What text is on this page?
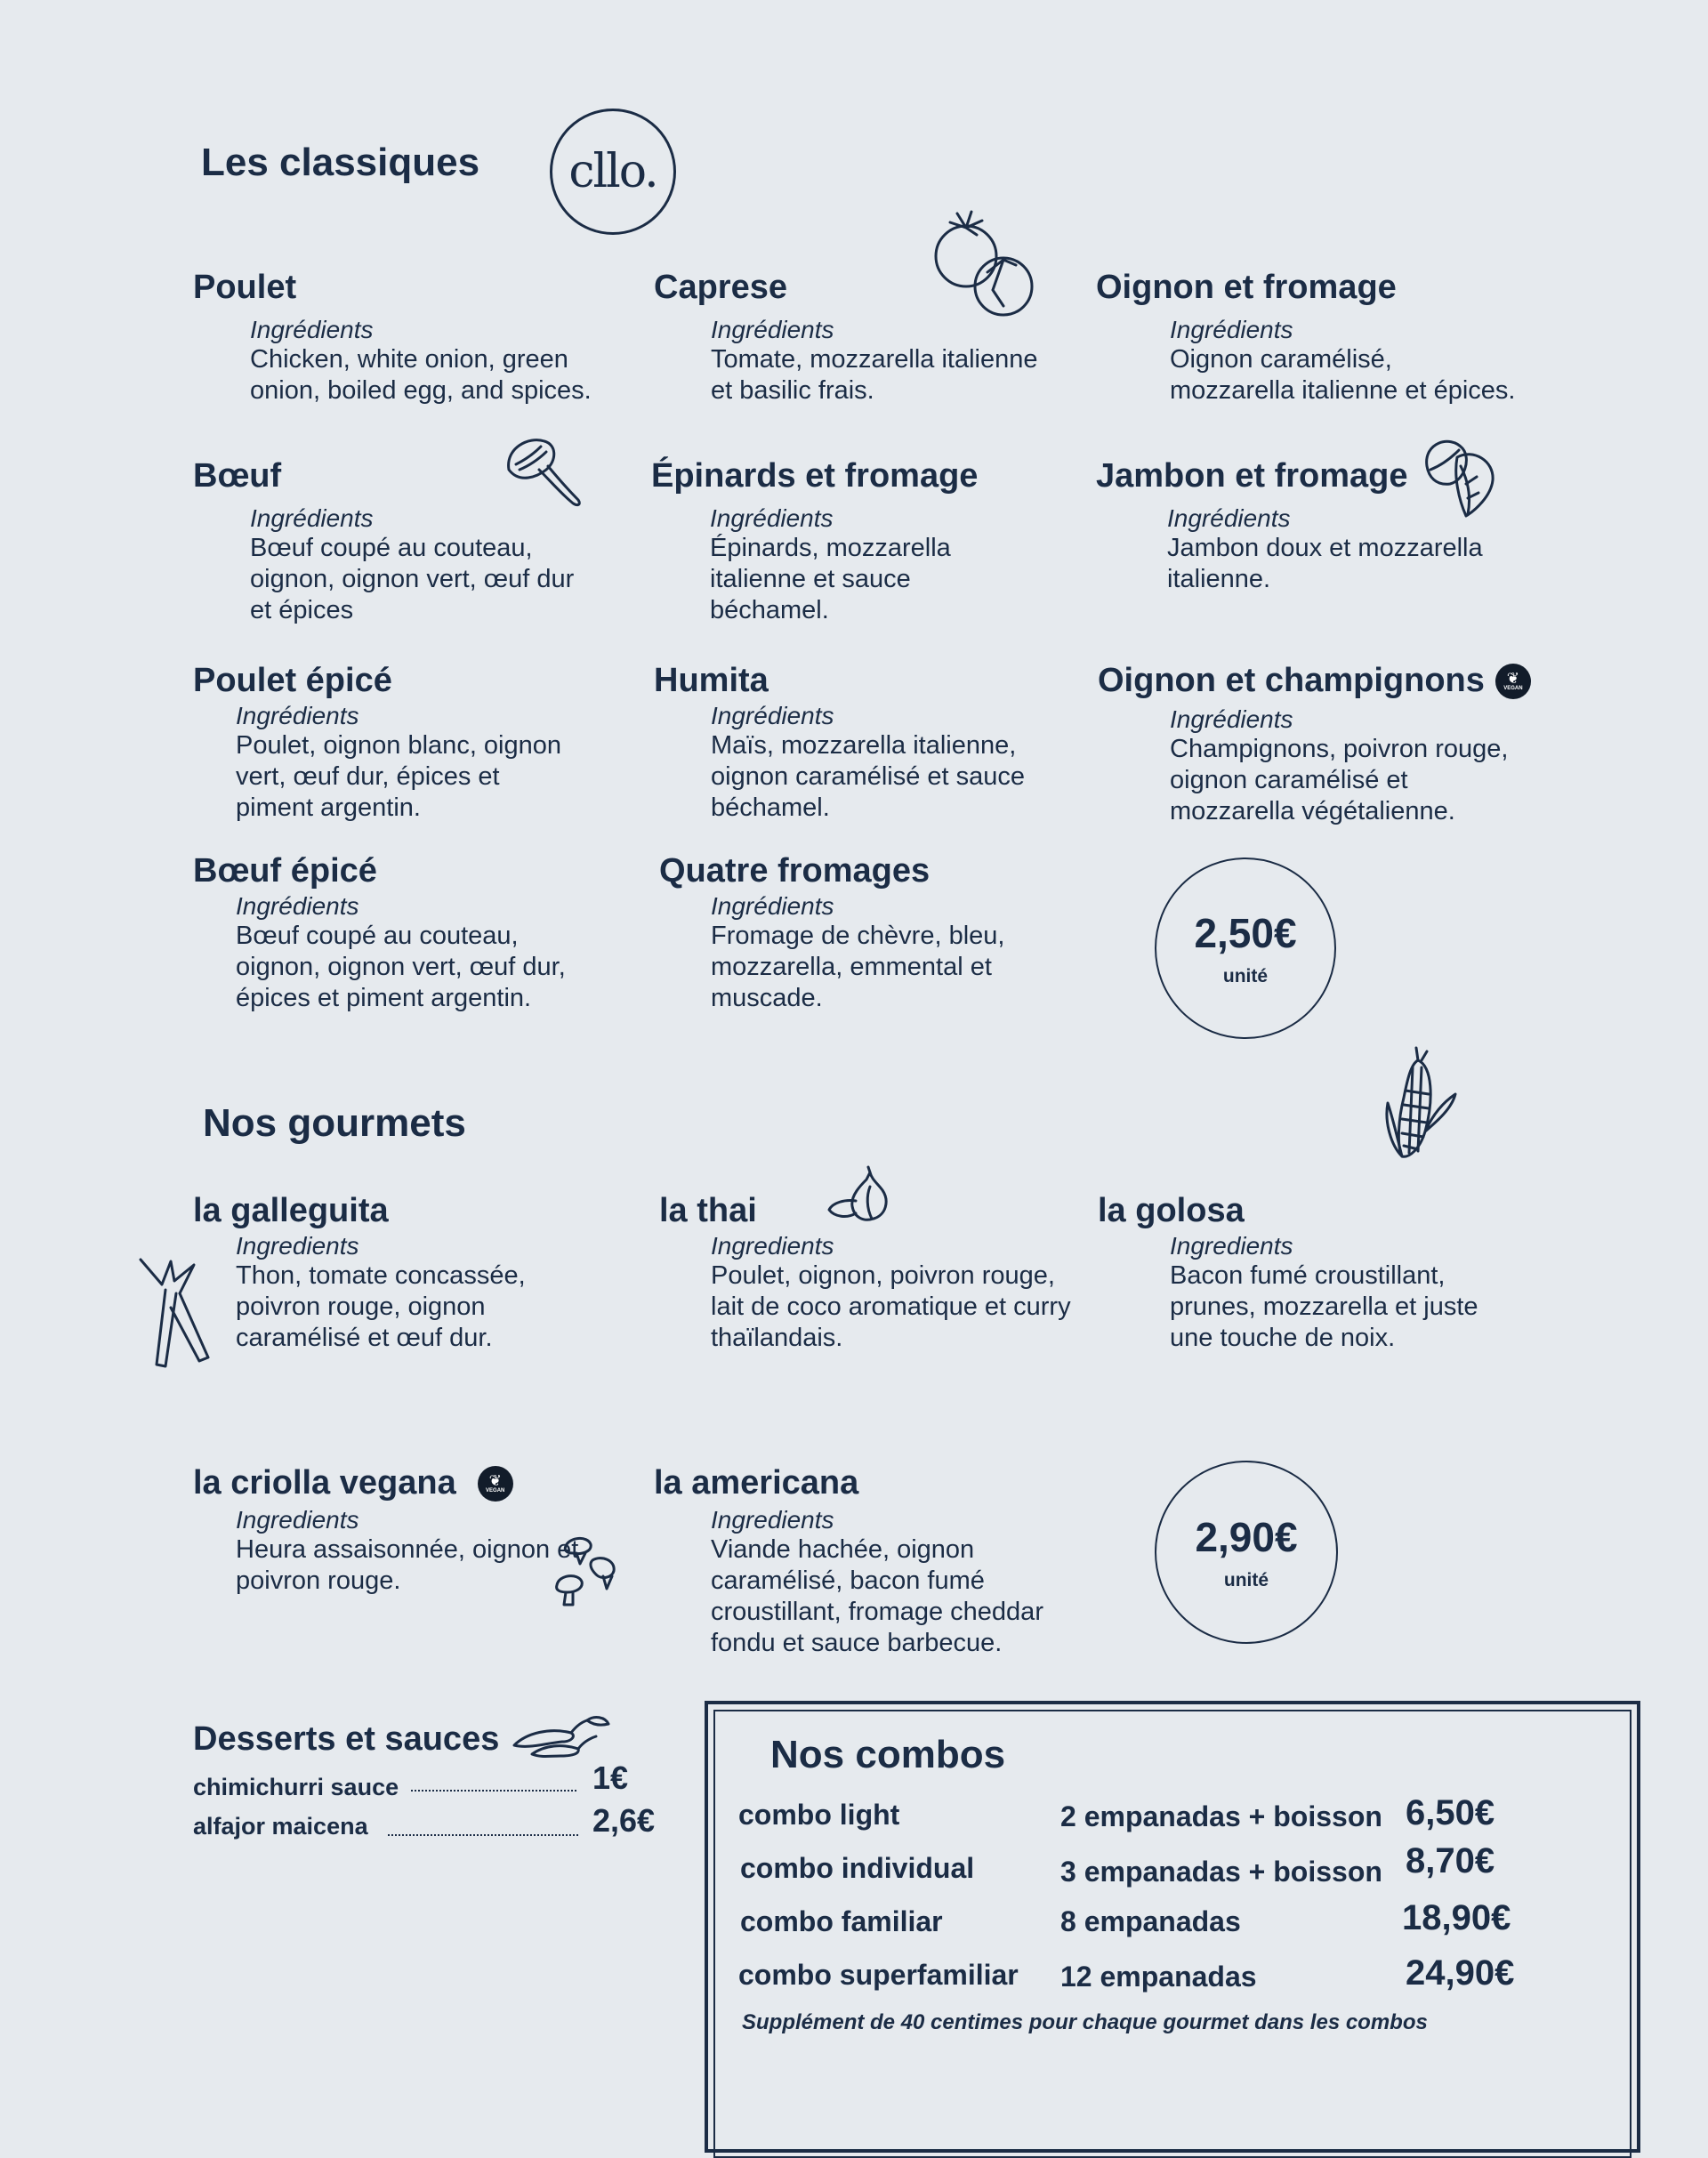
Les classiques cllo.
Poulet
Ingrédients
Chicken, white onion, green
onion, boiled egg, and spices.
Caprese
Ingrédients
Tomate, mozzarella italienne
et basilic frais.
Oignon et fromage
Ingrédients
Oignon caramélisé,
mozzarella italienne et épices.
Bœuf
Ingrédients
Bœuf coupé au couteau,
oignon, oignon vert, œuf dur
et épices
Épinards et fromage
Ingrédients
Épinards, mozzarella
italienne et sauce
béchamel.
Jambon et fromage
Ingrédients
Jambon doux et mozzarella
italienne.
Poulet épicé
Ingrédients
Poulet, oignon blanc, oignon
vert, œuf dur, épices et
piment argentin.
Humita
Ingrédients
Maïs, mozzarella italienne,
oignon caramélisé et sauce
béchamel.
Oignon et champignons ❦
VEGAN
Ingrédients
Champignons, poivron rouge,
oignon caramélisé et
mozzarella végétalienne.
Bœuf épicé
Ingrédients
Bœuf coupé au couteau,
oignon, oignon vert, œuf dur,
épices et piment argentin.
Quatre fromages
Ingrédients
Fromage de chèvre, bleu,
mozzarella, emmental et
muscade.
2,50€
unité
Nos gourmets
la galleguita
Ingredients
Thon, tomate concassée,
poivron rouge, oignon
caramélisé et œuf dur.
la thai
Ingredients
Poulet, oignon, poivron rouge,
lait de coco aromatique et curry
thaïlandais.
la golosa
Ingredients
Bacon fumé croustillant,
prunes, mozzarella et juste
une touche de noix.
la criolla vegana ❦
VEGAN
Ingredients
Heura assaisonnée, oignon et
poivron rouge.
la americana
Ingredients
Viande hachée, oignon
caramélisé, bacon fumé
croustillant, fromage cheddar
fondu et sauce barbecue.
2,90€
unité
Desserts et sauces
chimichurri sauce	1€
alfajor maicena	2,6€
Nos combos
combo light	2 empanadas + boisson 6,50€
combo individual	3 empanadas + boisson 8,70€
combo familiar	8 empanadas	18,90€
combo superfamiliar 12 empanadas	24,90€
Supplément de 40 centimes pour chaque gourmet dans les combos
